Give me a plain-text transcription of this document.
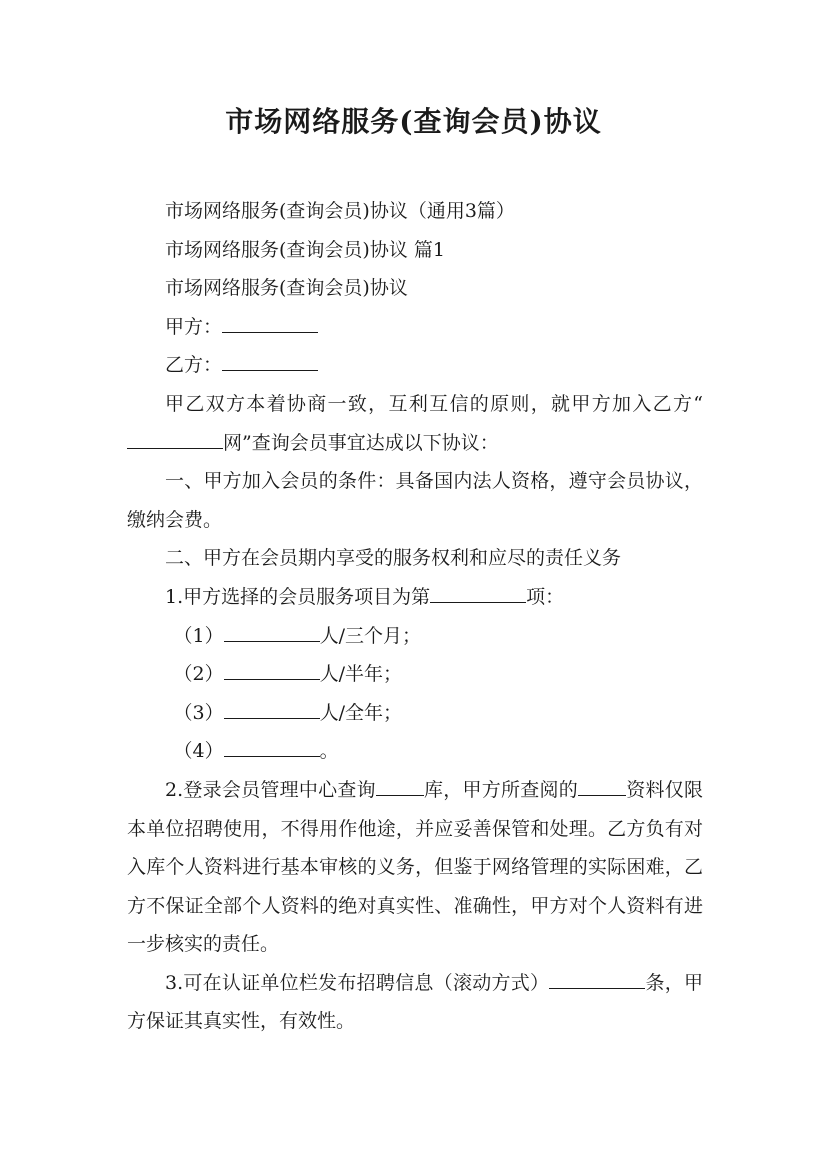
市场网络服务(查询会员)协议

市场网络服务(查询会员)协议（通用3篇）

市场网络服务(查询会员)协议 篇1

市场网络服务(查询会员)协议

甲方：

乙方：

甲乙双方本着协商一致，互利互信的原则，就甲方加入乙方“网”查询会员事宜达成以下协议：

一、甲方加入会员的条件：具备国内法人资格，遵守会员协议，缴纳会费。

二、甲方在会员期内享受的服务权利和应尽的责任义务

1.甲方选择的会员服务项目为第	项：

（1）	人/三个月；

（2）	人/半年；

（3）	人/全年；

（4）	。

2.登录会员管理中心查询	库，甲方所查阅的	资料仅限本单位招聘使用，不得用作他途，并应妥善保管和处理。乙方负有对入库个人资料进行基本审核的义务，但鉴于网络管理的实际困难，乙方不保证全部个人资料的绝对真实性、准确性，甲方对个人资料有进一步核实的责任。

3.可在认证单位栏发布招聘信息（滚动方式）	条，甲方保证其真实性，有效性。
